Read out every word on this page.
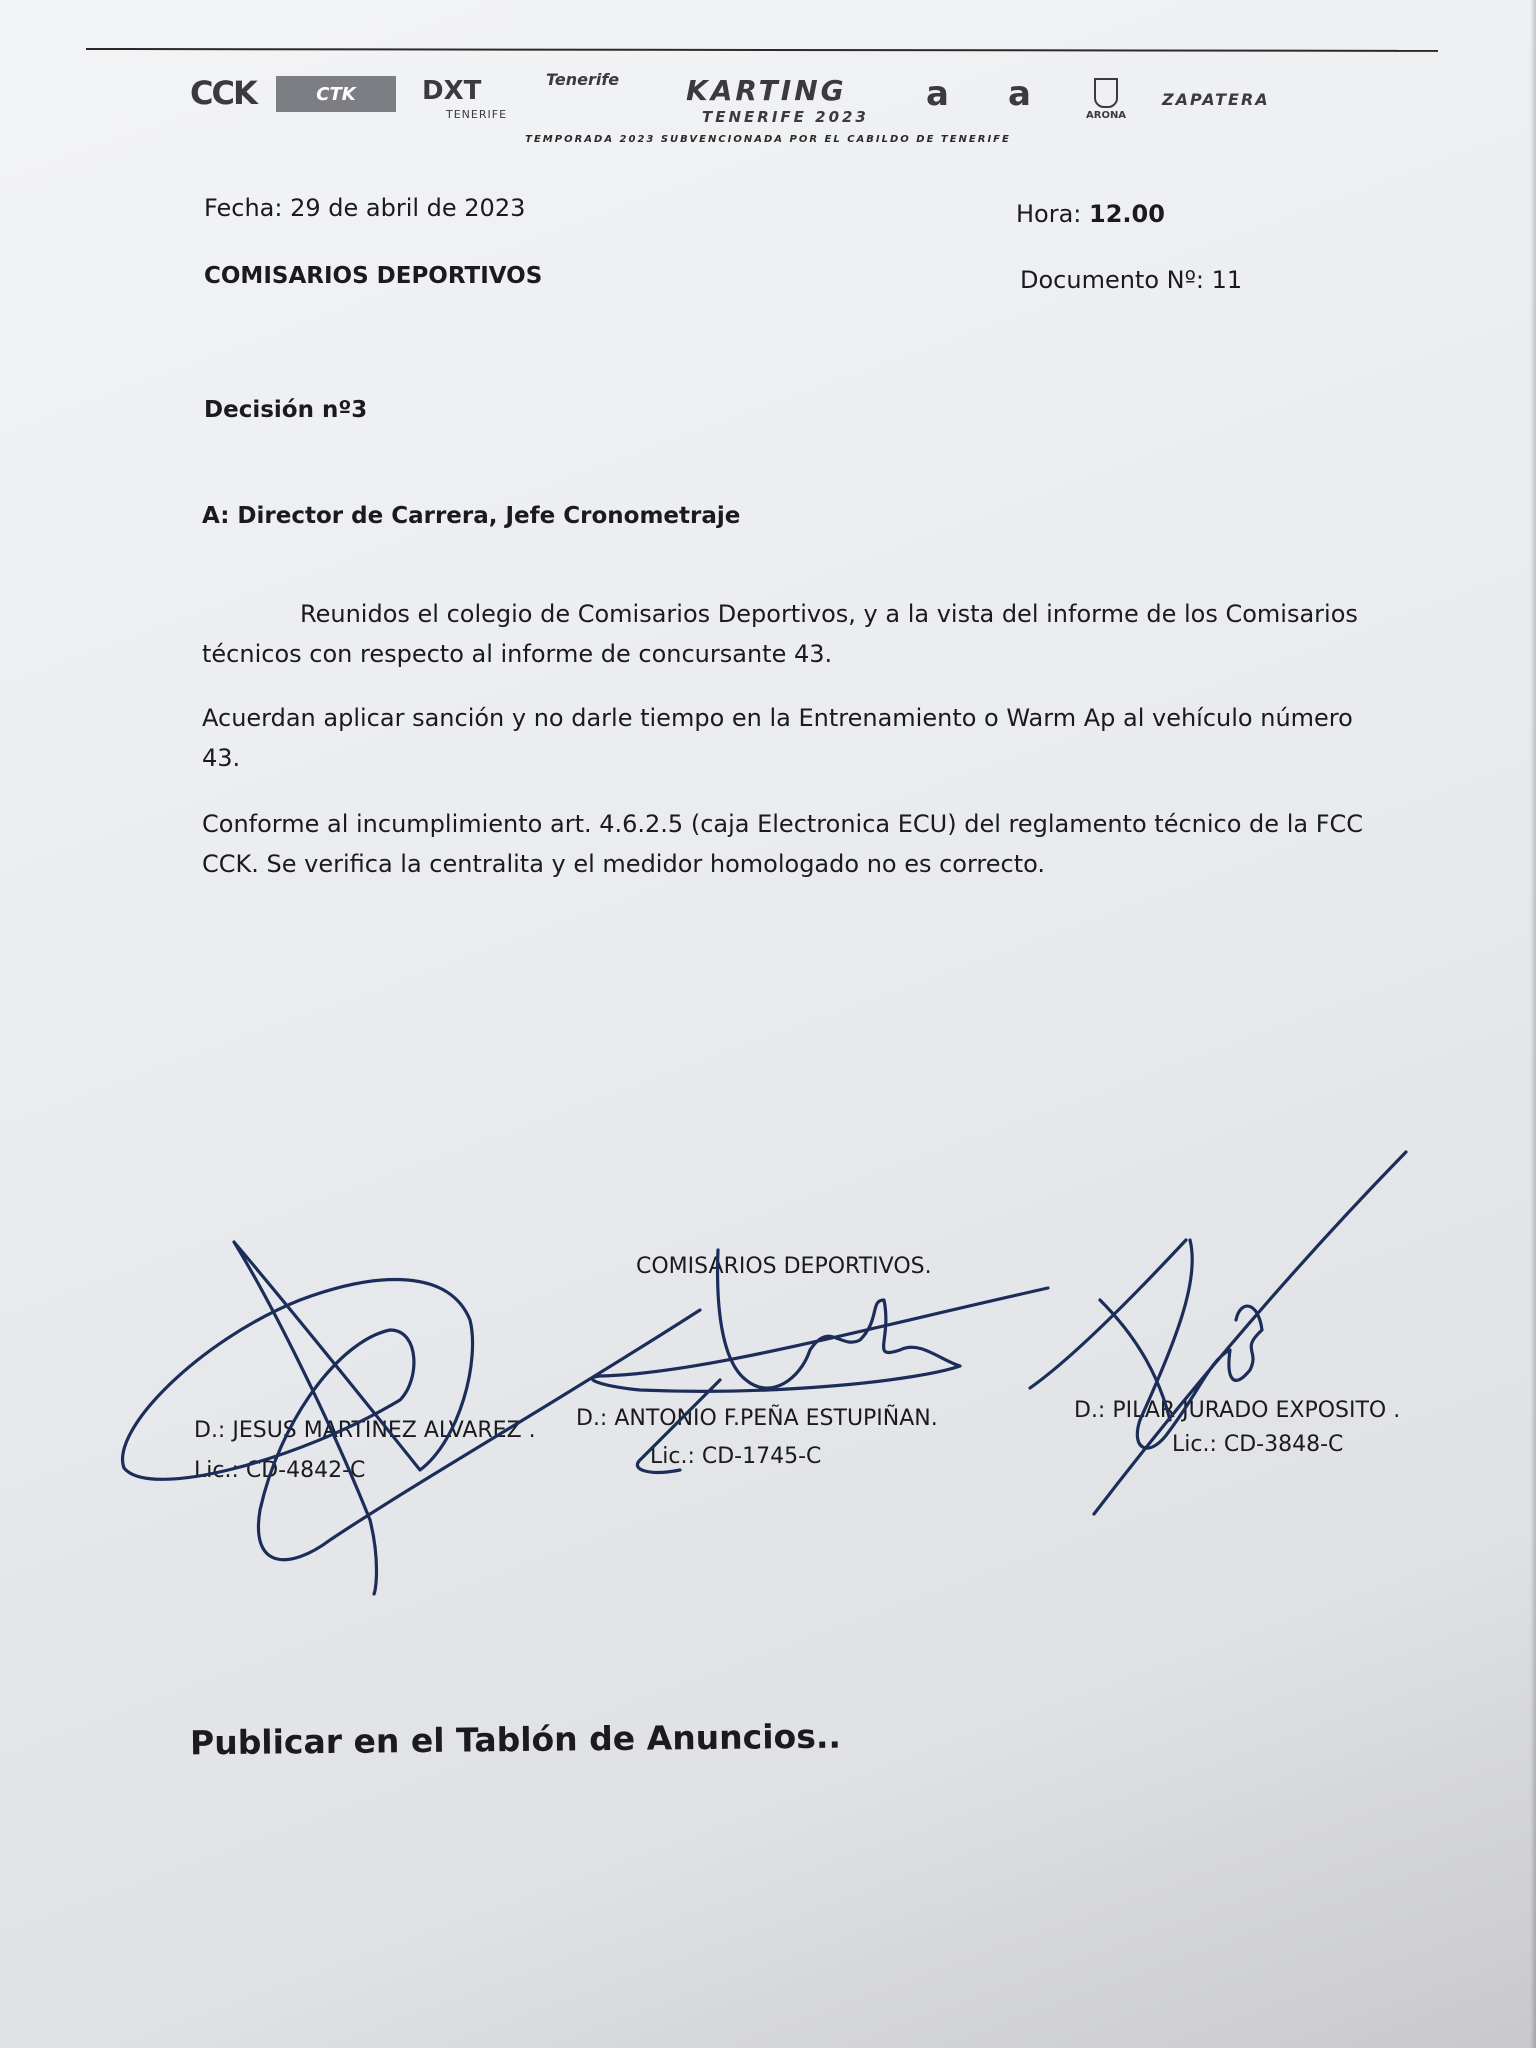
CCK	CTK	DXT
TENERIFE
Tenerife KARTING
TENERIFE 2023
a a
ARONA
ZAPATERA
TEMPORADA 2023 SUBVENCIONADA POR EL CABILDO DE TENERIFE
Fecha: 29 de abril de 2023	Hora: 12.00
COMISARIOS DEPORTIVOS	Documento Nº: 11
Decisión nº3
A: Director de Carrera, Jefe Cronometraje
Reunidos el colegio de Comisarios Deportivos, y a la vista del informe de los Comisarios técnicos con respecto al informe de concursante 43.
Acuerdan aplicar sanción y no darle tiempo en la Entrenamiento o Warm Ap al vehículo número 43.
Conforme al incumplimiento art. 4.6.2.5 (caja Electronica ECU) del reglamento técnico de la FCC CCK. Se verifica la centralita y el medidor homologado no es correcto.
COMISARIOS DEPORTIVOS.
D.: JESUS MARTINEZ ALVAREZ .
Lic.: CD-4842-C
D.: ANTONIO F.PEÑA ESTUPIÑAN.
Lic.: CD-1745-C
D.: PILAR JURADO EXPOSITO .
Lic.: CD-3848-C
Publicar en el Tablón de Anuncios..
